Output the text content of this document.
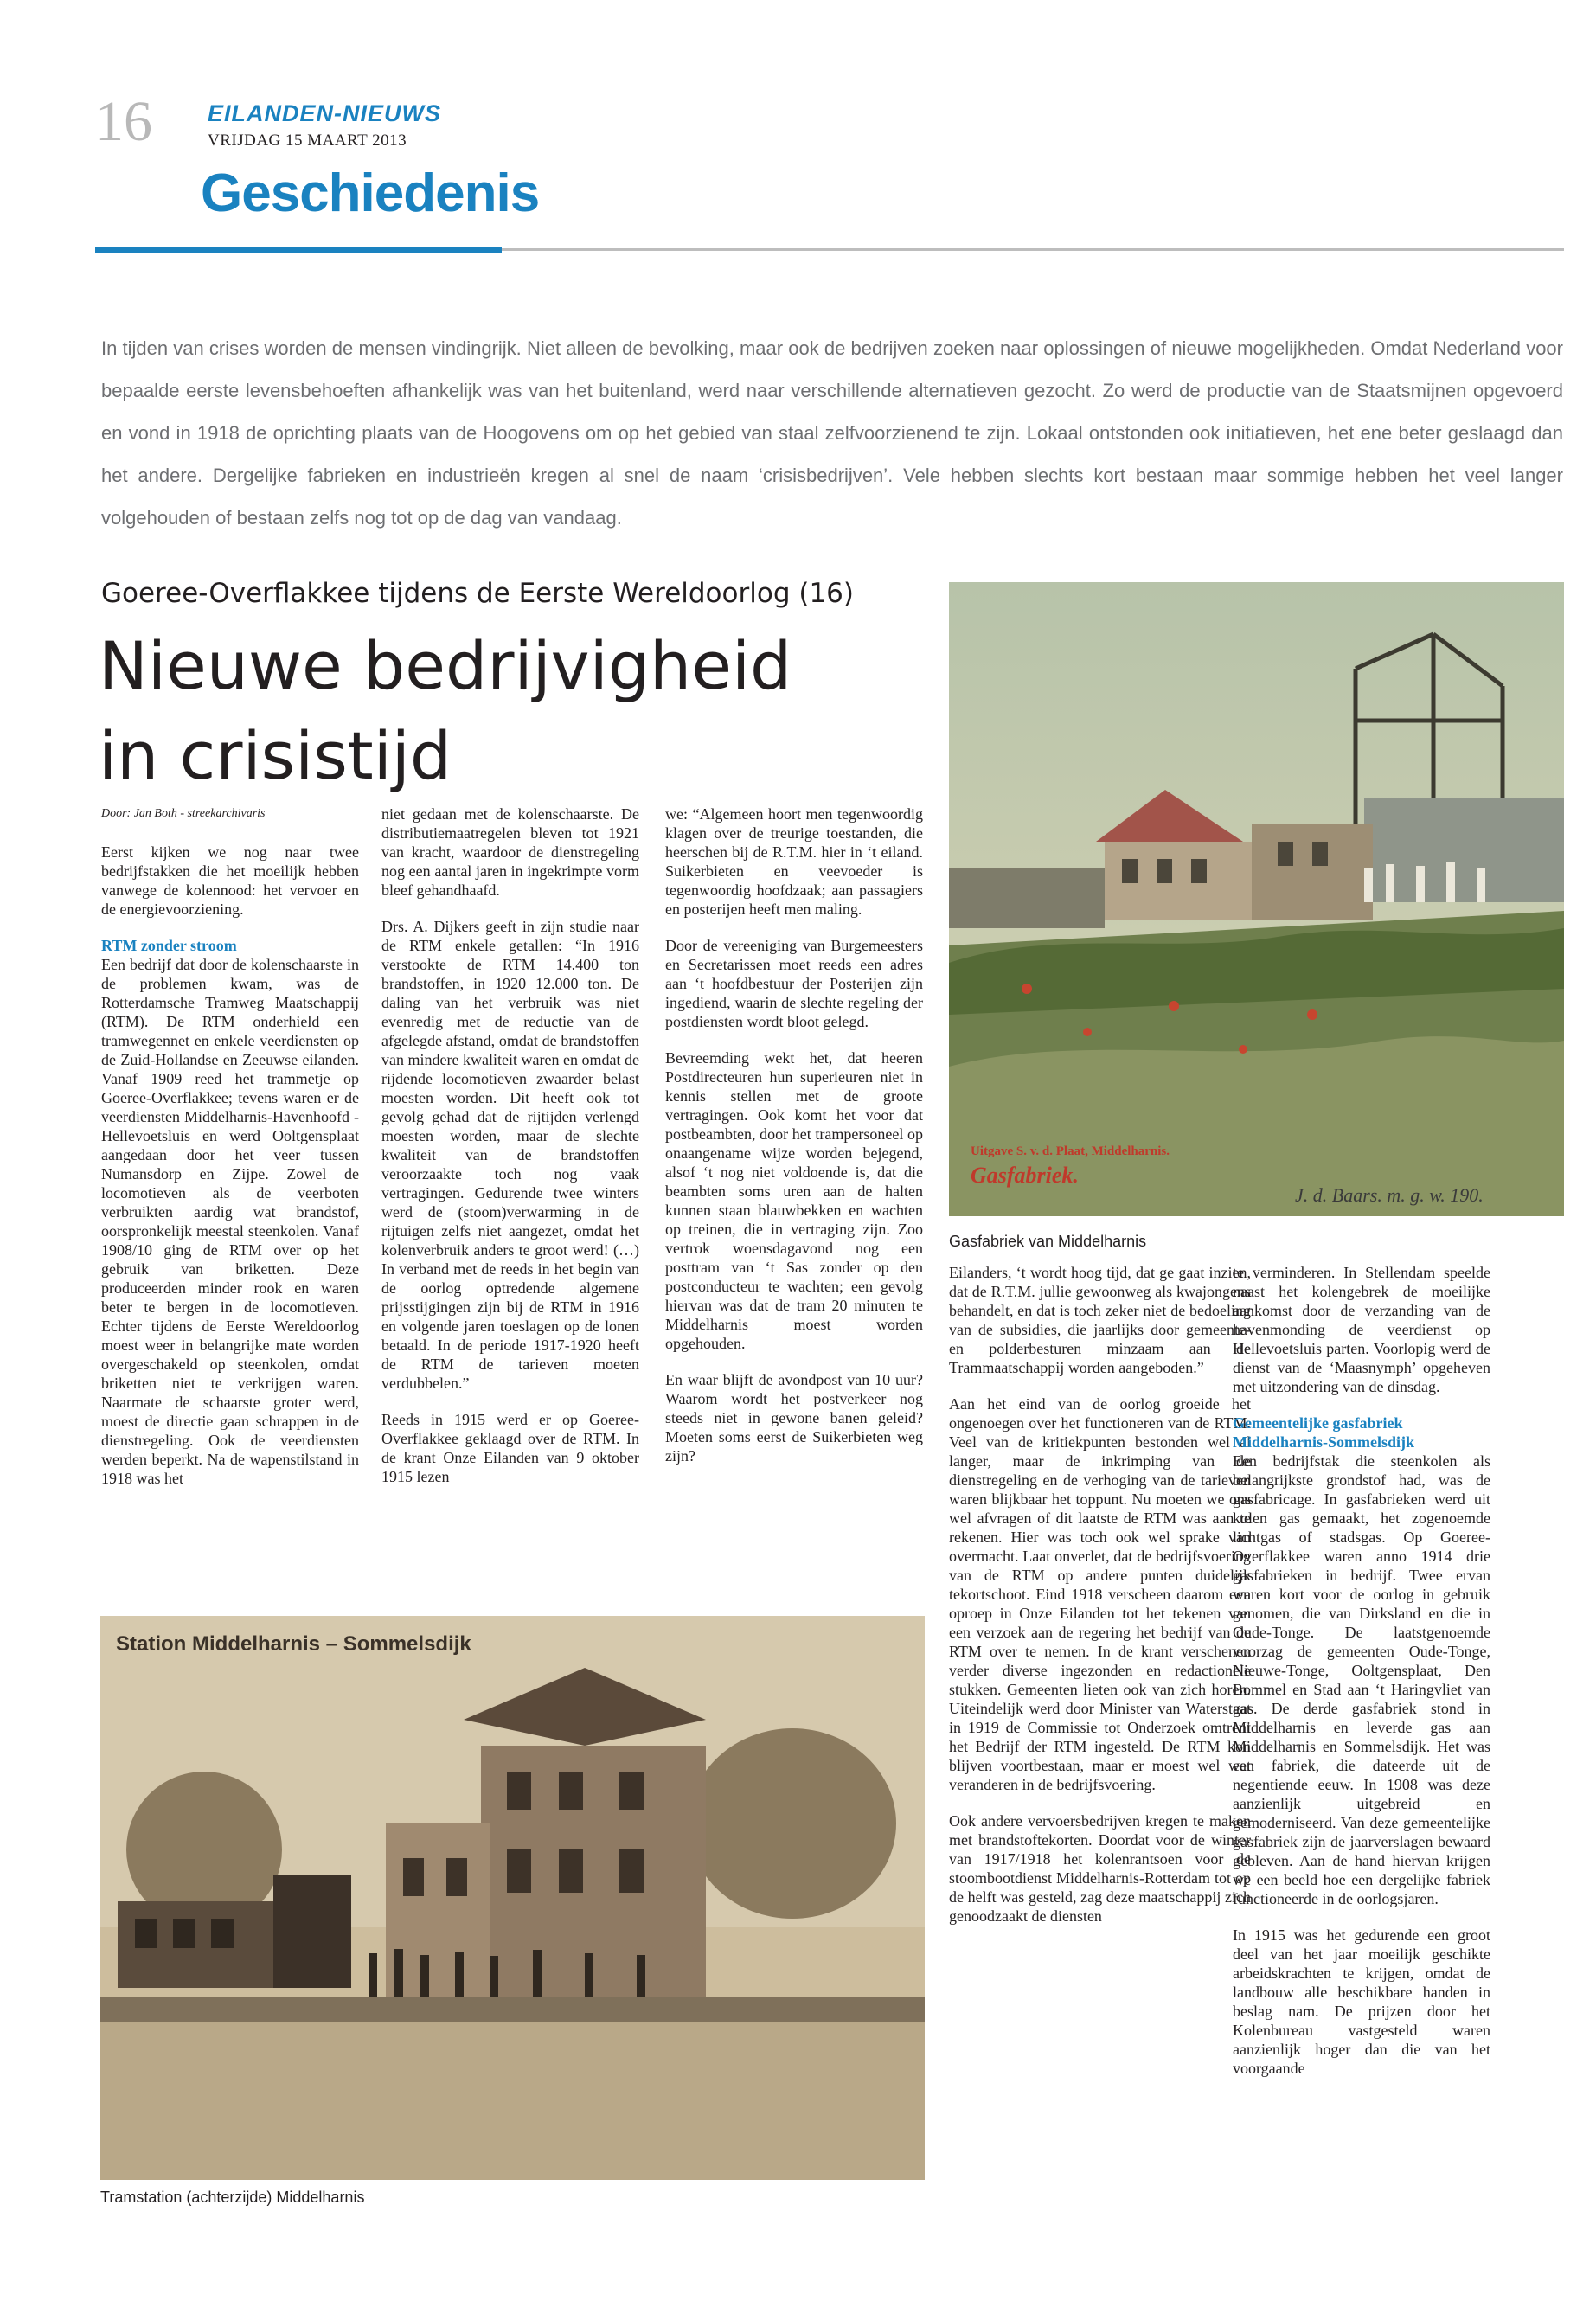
16 EILANDEN-NIEUWS
VRIJDAG 15 MAART 2013
Geschiedenis
In tijden van crises worden de mensen vindingrijk. Niet alleen de bevolking, maar ook de bedrijven zoeken naar oplossingen of nieuwe mogelijkheden. Omdat Nederland voor bepaalde eerste levensbehoeften afhankelijk was van het buitenland, werd naar verschillende alternatieven gezocht. Zo werd de productie van de Staatsmijnen opgevoerd en vond in 1918 de oprichting plaats van de Hoogovens om op het gebied van staal zelfvoorzienend te zijn. Lokaal ontstonden ook initiatieven, het ene beter geslaagd dan het andere. Dergelijke fabrieken en industrieën kregen al snel de naam ‘crisisbedrijven’. Vele hebben slechts kort bestaan maar sommige hebben het veel langer volgehouden of bestaan zelfs nog tot op de dag van vandaag.
Goeree-Overflakkee tijdens de Eerste Wereldoorlog (16)
Nieuwe bedrijvigheid
in crisistijd

Door: Jan Both - streekarchivaris

Eerst kijken we nog naar twee bedrijfstakken die het moeilijk hebben vanwege de kolennood: het vervoer en de energievoorziening.

RTM zonder stroom

Een bedrijf dat door de kolenschaarste in de problemen kwam, was de Rotterdamsche Tramweg Maatschappij (RTM). De RTM onderhield een tramwegennet en enkele veerdiensten op de Zuid-Hollandse en Zeeuwse eilanden. Vanaf 1909 reed het trammetje op Goeree-Overflakkee; tevens waren er de veerdiensten Middelharnis-Havenhoofd - Hellevoetsluis en werd Ooltgensplaat aangedaan door het veer tussen Numansdorp en Zijpe. Zowel de locomotieven als de veerboten verbruikten aardig wat brandstof, oorspronkelijk meestal steenkolen. Vanaf 1908/10 ging de RTM over op het gebruik van briketten. Deze produceerden minder rook en waren beter te bergen in de locomotieven. Echter tijdens de Eerste Wereldoorlog moest weer in belangrijke mate worden overgeschakeld op steenkolen, omdat briketten niet te verkrijgen waren. Naarmate de schaarste groter werd, moest de directie gaan schrappen in de dienstregeling. Ook de veerdiensten werden beperkt. Na de wapenstilstand in 1918 was het

niet gedaan met de kolenschaarste. De distributiemaatregelen bleven tot 1921 van kracht, waardoor de dienstregeling nog een aantal jaren in ingekrimpte vorm bleef gehandhaafd.

Drs. A. Dijkers geeft in zijn studie naar de RTM enkele getallen: “In 1916 verstookte de RTM 14.400 ton brandstoffen, in 1920 12.000 ton. De daling van het verbruik was niet evenredig met de reductie van de afgelegde afstand, omdat de brandstoffen van mindere kwaliteit waren en omdat de rijdende locomotieven zwaarder belast moesten worden. Dit heeft ook tot gevolg gehad dat de rijtijden verlengd moesten worden, maar de slechte kwaliteit van de brandstoffen veroorzaakte toch nog vaak vertragingen. Gedurende twee winters werd de (stoom)verwarming in de rijtuigen zelfs niet aangezet, omdat het kolenverbruik anders te groot werd! (…) In verband met de reeds in het begin van de oorlog optredende algemene prijsstijgingen zijn bij de RTM in 1916 en volgende jaren toeslagen op de lonen betaald. In de periode 1917-1920 heeft de RTM de tarieven moeten verdubbelen.”

Reeds in 1915 werd er op Goeree-Overflakkee geklaagd over de RTM. In de krant Onze Eilanden van 9 oktober 1915 lezen

we: “Algemeen hoort men tegenwoordig klagen over de treurige toestanden, die heerschen bij de R.T.M. hier in ‘t eiland. Suikerbieten en veevoeder is tegenwoordig hoofdzaak; aan passagiers en posterijen heeft men maling.

Door de vereeniging van Burgemeesters en Secretarissen moet reeds een adres aan ‘t hoofdbestuur der Posterijen zijn ingediend, waarin de slechte regeling der postdiensten wordt bloot gelegd.

Bevreemding wekt het, dat heeren Postdirecteuren hun superieuren niet in kennis stellen met de groote vertragingen. Ook komt het voor dat postbeambten, door het trampersoneel op onaangename wijze worden bejegend, alsof ‘t nog niet voldoende is, dat die beambten soms uren aan de halten kunnen staan blauwbekken en wachten op treinen, die in vertraging zijn. Zoo vertrok woensdagavond nog een posttram van ‘t Sas zonder op den postconducteur te wachten; een gevolg hiervan was dat de tram 20 minuten te Middelharnis moest worden opgehouden.

En waar blijft de avondpost van 10 uur? Waarom wordt het postverkeer nog steeds niet in gewone banen geleid? Moeten soms eerst de Suikerbieten weg zijn?

Uitgave S. v. d. Plaat, Middelharnis.
Gasfabriek.
J. d. Baars. m. g. w. 190.
Gasfabriek van Middelharnis

Eilanders, ‘t wordt hoog tijd, dat ge gaat inzien, dat de R.T.M. jullie gewoonweg als kwajongens behandelt, en dat is toch zeker niet de bedoeling van de subsidies, die jaarlijks door gemeente- en polderbesturen minzaam aan de Trammaatschappij worden aangeboden.”

Aan het eind van de oorlog groeide het ongenoegen over het functioneren van de RTM. Veel van de kritiekpunten bestonden wel al langer, maar de inkrimping van de dienstregeling en de verhoging van de tarieven waren blijkbaar het toppunt. Nu moeten we ons wel afvragen of dit laatste de RTM was aan te rekenen. Hier was toch ook wel sprake van overmacht. Laat onverlet, dat de bedrijfsvoering van de RTM op andere punten duidelijk tekortschoot. Eind 1918 verscheen daarom een oproep in Onze Eilanden tot het tekenen van een verzoek aan de regering het bedrijf van de RTM over te nemen. In de krant verschenen verder diverse ingezonden en redactionele stukken. Gemeenten lieten ook van zich horen. Uiteindelijk werd door Minister van Waterstaat in 1919 de Commissie tot Onderzoek omtrent het Bedrijf der RTM ingesteld. De RTM kon blijven voortbestaan, maar er moest wel wat veranderen in de bedrijfsvoering.

Ook andere vervoersbedrijven kregen te maken met brandstoftekorten. Doordat voor de winter van 1917/1918 het kolenrantsoen voor de stoombootdienst Middelharnis-Rotterdam tot op de helft was gesteld, zag deze maatschappij zich genoodzaakt de diensten

te verminderen. In Stellendam speelde naast het kolengebrek de moeilijke aankomst door de verzanding van de havenmonding de veerdienst op Hellevoetsluis parten. Voorlopig werd de dienst van de ‘Maasnymph’ opgeheven met uitzondering van de dinsdag.

Gemeentelijke gasfabriek
Middelharnis-Sommelsdijk

Een bedrijfstak die steenkolen als belangrijkste grondstof had, was de gasfabricage. In gasfabrieken werd uit kolen gas gemaakt, het zogenoemde lichtgas of stadsgas. Op Goeree-Overflakkee waren anno 1914 drie gasfabrieken in bedrijf. Twee ervan waren kort voor de oorlog in gebruik genomen, die van Dirksland en die in Oude-Tonge. De laatstgenoemde voorzag de gemeenten Oude-Tonge, Nieuwe-Tonge, Ooltgensplaat, Den Bommel en Stad aan ‘t Haringvliet van gas. De derde gasfabriek stond in Middelharnis en leverde gas aan Middelharnis en Sommelsdijk. Het was een fabriek, die dateerde uit de negentiende eeuw. In 1908 was deze aanzienlijk uitgebreid en gemoderniseerd. Van deze gemeentelijke gasfabriek zijn de jaarverslagen bewaard gebleven. Aan de hand hiervan krijgen we een beeld hoe een dergelijke fabriek functioneerde in de oorlogsjaren.

In 1915 was het gedurende een groot deel van het jaar moeilijk geschikte arbeidskrachten te krijgen, omdat de landbouw alle beschikbare handen in beslag nam. De prijzen door het Kolenbureau vastgesteld waren aanzienlijk hoger dan die van het voorgaande

Station Middelharnis – Sommelsdijk
Tramstation (achterzijde) Middelharnis
